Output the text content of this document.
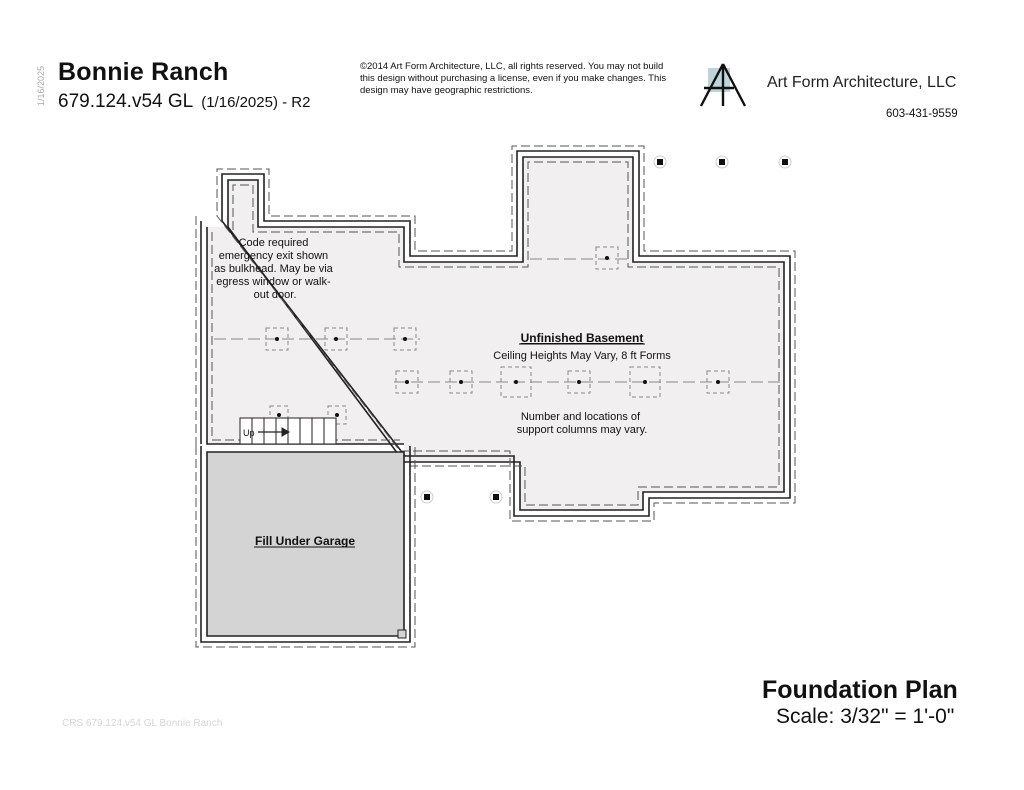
1/16/2025 Bonnie Ranch
679.124.v54 GL (1/16/2025) - R2
©2014 Art Form Architecture, LLC, all rights reserved. You may not build this design without purchasing a license, even if you make changes. This design may have geographic restrictions.	Art Form Architecture, LLC
603-431-9559
Code required emergency exit shown as bulkhead. May be via egress window or walk- out door.
Unfinished Basement
Ceiling Heights May Vary, 8 ft Forms
Number and locations of support columns may vary.
Up
Fill Under Garage
Foundation Plan
Scale: 3/32" = 1'-0"
CRS 679.124.v54 GL Bonnie Ranch
